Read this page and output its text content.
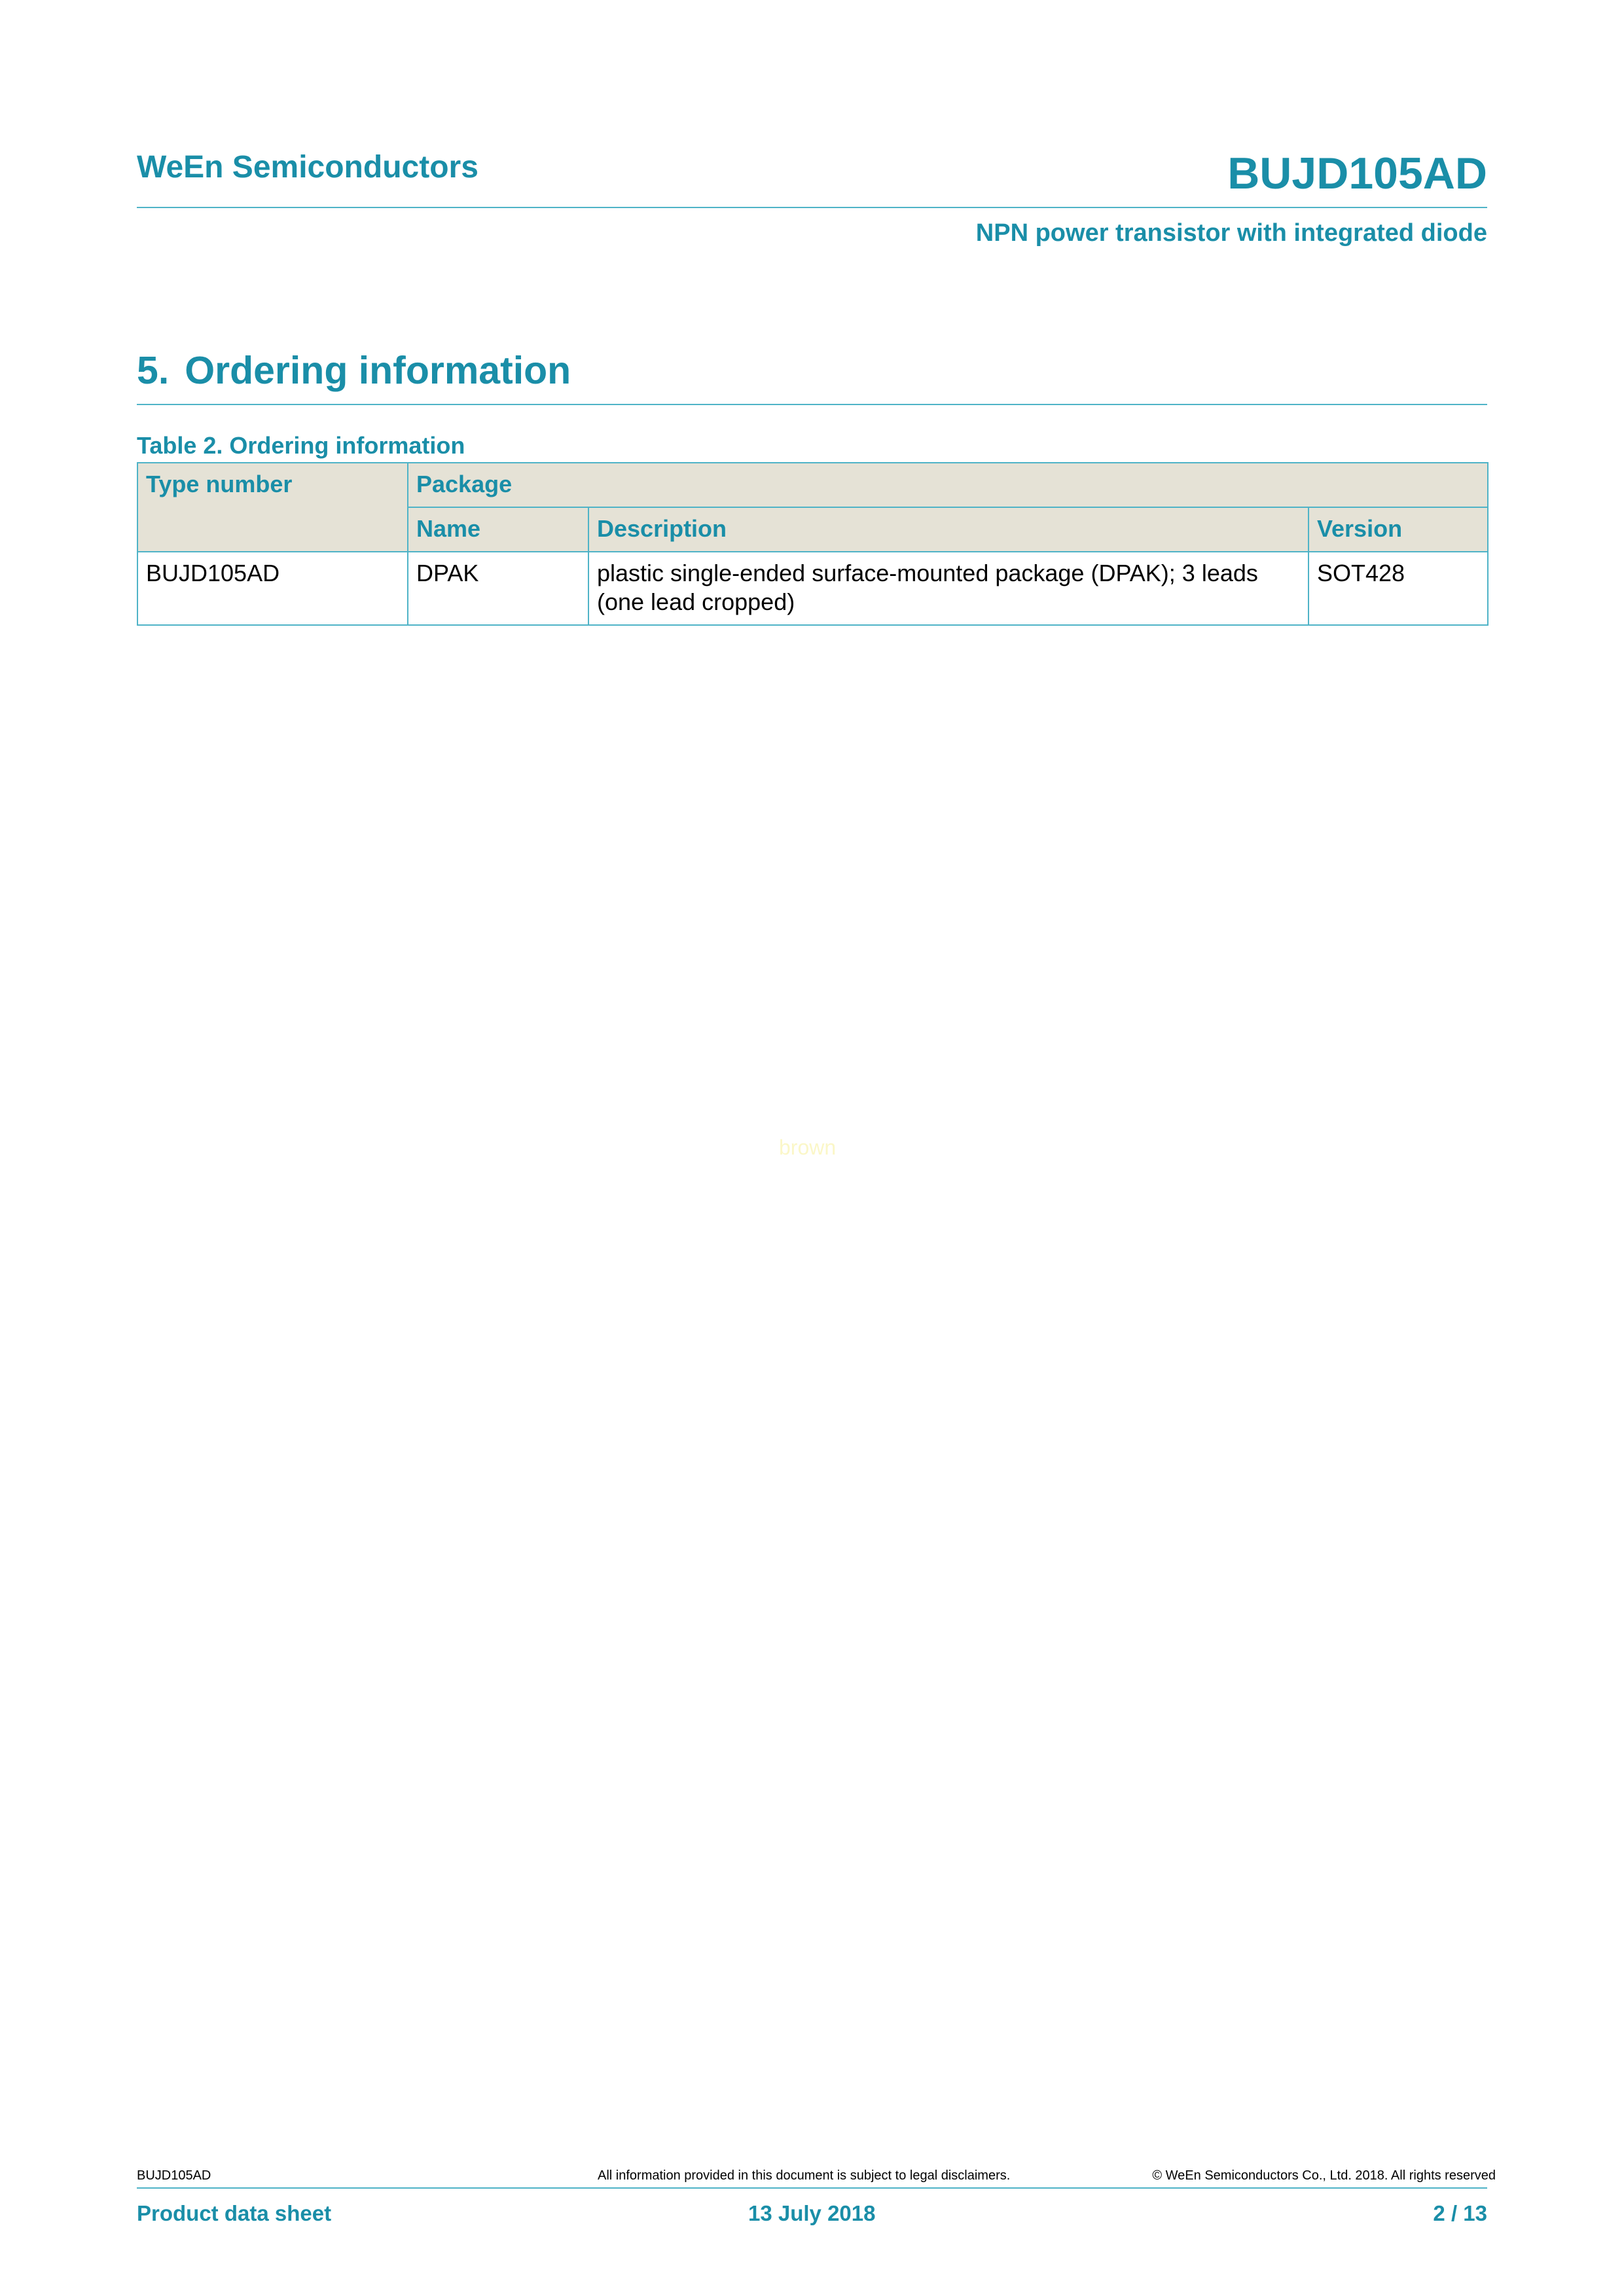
WeEn Semiconductors	BUJD105AD
NPN power transistor with integrated diode
5. Ordering information
Table 2. Ordering information
Type number	Package		
	Name	Description	Version
BUJD105AD	DPAK	plastic single-ended surface-mounted package (DPAK); 3 leads (one lead cropped)	SOT428
brown
BUJD105AD	All information provided in this document is subject to legal disclaimers.	© WeEn Semiconductors Co., Ltd. 2018. All rights reserved
Product data sheet	13 July 2018	2 / 13
